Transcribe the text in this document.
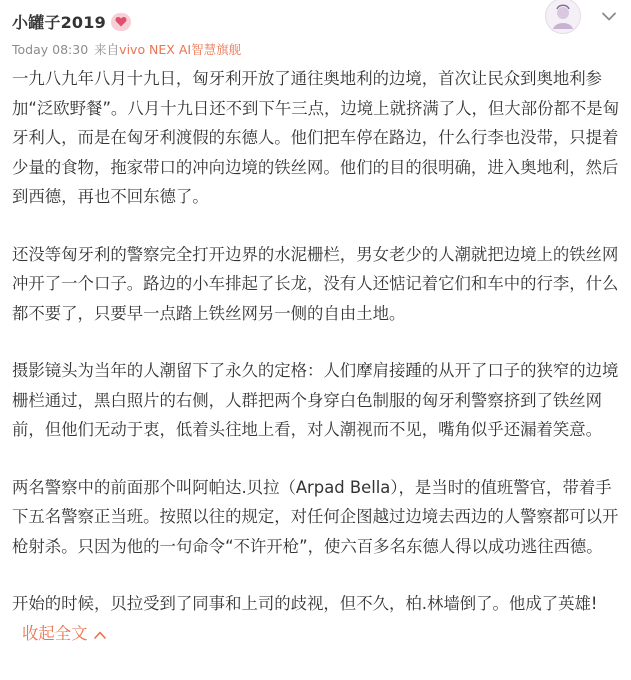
小罐子2019
Today 08:30 来自 vivo NEX AI智慧旗舰

一九八九年八月十九日，匈牙利开放了通往奥地利的边境，首次让民众到奥地利参加“泛欧野餐”。八月十九日还不到下午三点，边境上就挤满了人，但大部份都不是匈牙利人，而是在匈牙利渡假的东德人。他们把车停在路边，什么行李也没带，只提着少量的食物，拖家带口的冲向边境的铁丝网。他们的目的很明确，进入奥地利，然后到西德，再也不回东德了。

还没等匈牙利的警察完全打开边界的水泥栅栏，男女老少的人潮就把边境上的铁丝网冲开了一个口子。路边的小车排起了长龙，没有人还惦记着它们和车中的行李，什么都不要了，只要早一点踏上铁丝网另一侧的自由土地。

摄影镜头为当年的人潮留下了永久的定格：人们摩肩接踵的从开了口子的狭窄的边境栅栏通过，黑白照片的右侧，人群把两个身穿白色制服的匈牙利警察挤到了铁丝网前，但他们无动于衷，低着头往地上看，对人潮视而不见，嘴角似乎还漏着笑意。

两名警察中的前面那个叫阿帕达.贝拉（Arpad Bella），是当时的值班警官，带着手下五名警察正当班。按照以往的规定，对任何企图越过边境去西边的人警察都可以开枪射杀。只因为他的一句命令“不许开枪”，使六百多名东德人得以成功逃往西德。

开始的时候，贝拉受到了同事和上司的歧视，但不久，柏.林墙倒了。他成了英雄!收起全文
